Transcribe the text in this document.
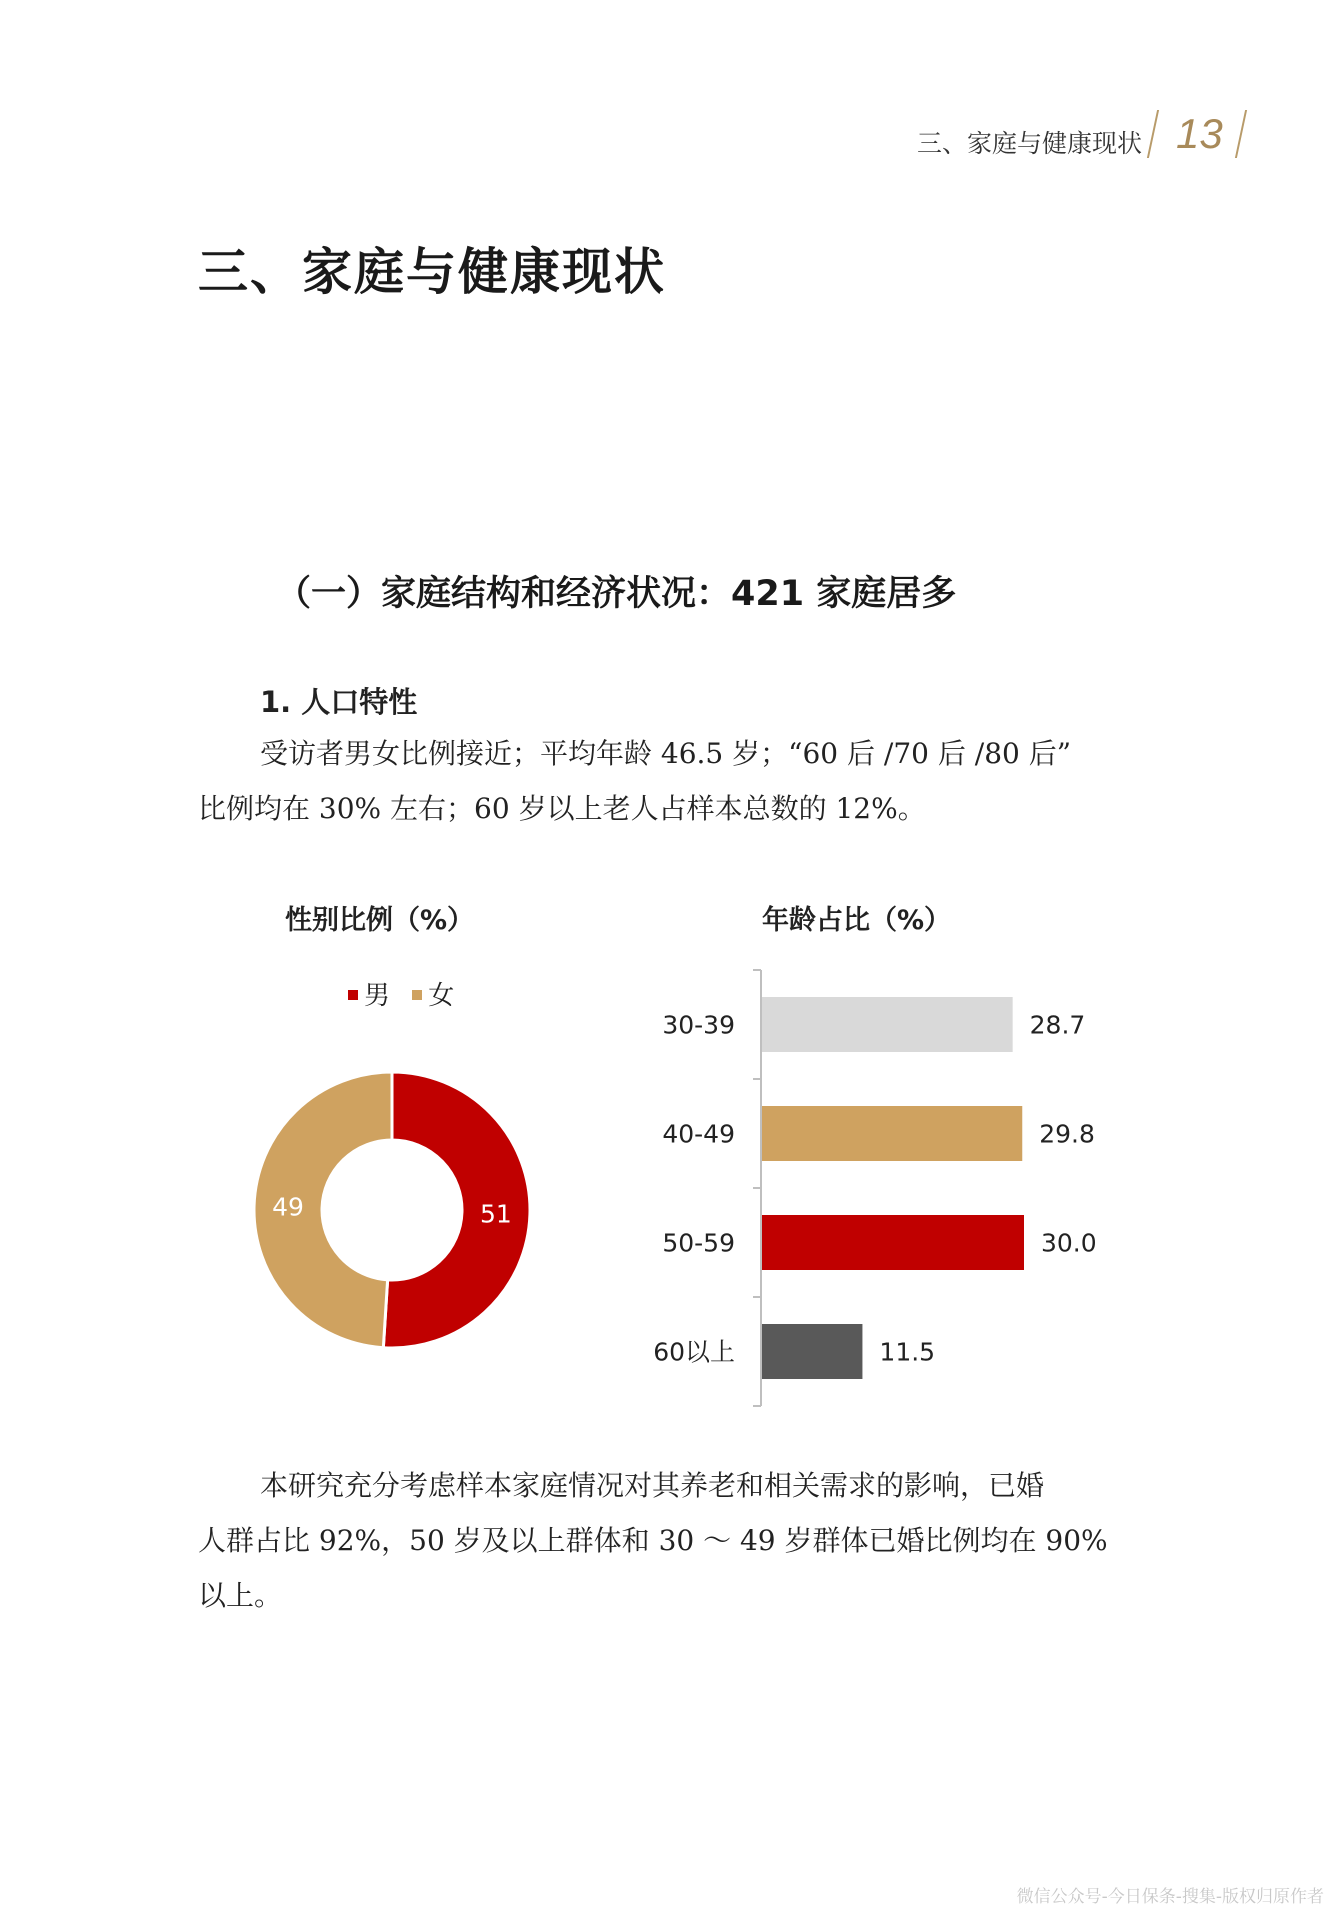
三、家庭与健康现状 13
三、家庭与健康现状
（一）家庭结构和经济状况：421 家庭居多
1. 人口特性
受访者男女比例接近；平均年龄 46.5 岁；“60 后 /70 后 /80 后”
比例均在 30% 左右；60 岁以上老人占样本总数的 12%。
性别比例（%）	年龄占比（%）
男 女
51
49
30-39	28.7
40-49	29.8
50-59	30.0
60以上	11.5
本研究充分考虑样本家庭情况对其养老和相关需求的影响，已婚
人群占比 92%，50 岁及以上群体和 30 ～ 49 岁群体已婚比例均在 90%
以上。
微信公众号-今日保条-搜集-版权归原作者
